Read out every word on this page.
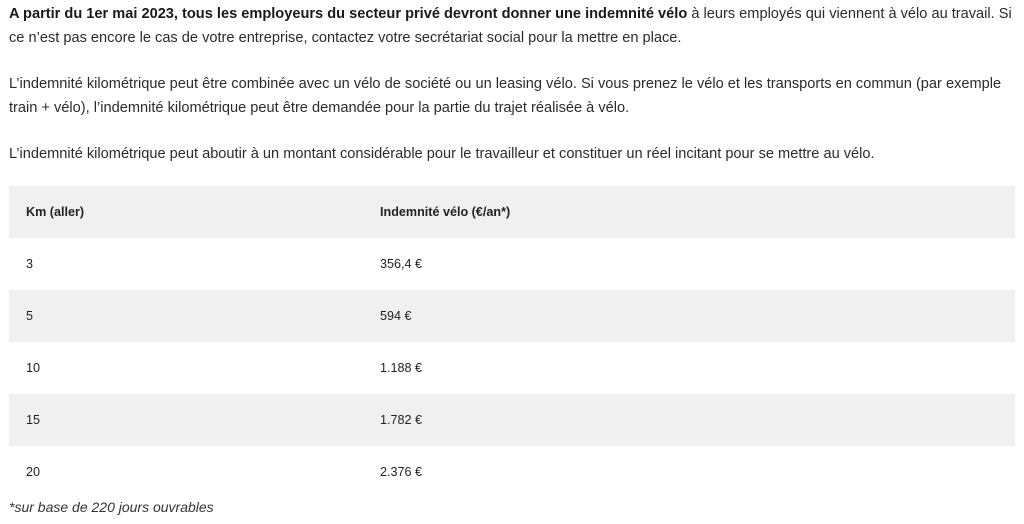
A partir du 1er mai 2023, tous les employeurs du secteur privé devront donner une indemnité vélo à leurs employés qui viennent à vélo au travail. Si ce n’est pas encore le cas de votre entreprise, contactez votre secrétariat social pour la mettre en place.

L’indemnité kilométrique peut être combinée avec un vélo de société ou un leasing vélo. Si vous prenez le vélo et les transports en commun (par exemple train + vélo), l’indemnité kilométrique peut être demandée pour la partie du trajet réalisée à vélo.

L’indemnité kilométrique peut aboutir à un montant considérable pour le travailleur et constituer un réel incitant pour se mettre au vélo.

Km (aller)	Indemnité vélo (€/an*)
3	356,4 €
5	594 €
10	1.188 €
15	1.782 €
20	2.376 €

*sur base de 220 jours ouvrables
